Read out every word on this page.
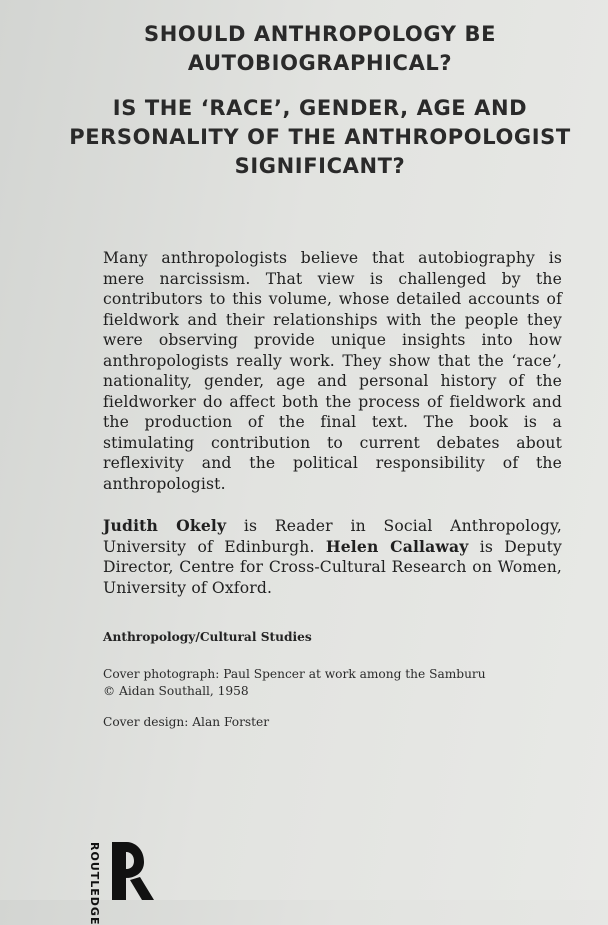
SHOULD ANTHROPOLOGY BE AUTOBIOGRAPHICAL?
IS THE ‘RACE’, GENDER, AGE AND PERSONALITY OF THE ANTHROPOLOGIST SIGNIFICANT?

Many anthropologists believe that autobiography is mere narcissism. That view is challenged by the contributors to this volume, whose detailed accounts of fieldwork and their relationships with the people they were observing provide unique insights into how anthropologists really work. They show that the ‘race’, nationality, gender, age and personal history of the fieldworker do affect both the process of fieldwork and the production of the final text. The book is a stimulating contribution to current debates about reflexivity and the political responsibility of the anthropologist.

Judith Okely is Reader in Social Anthropology, University of Edinburgh. Helen Callaway is Deputy Director, Centre for Cross-Cultural Research on Women, University of Oxford.

Anthropology/Cultural Studies

Cover photograph: Paul Spencer at work among the Samburu
© Aidan Southall, 1958
Cover design: Alan Forster
ROUTLEDGE
